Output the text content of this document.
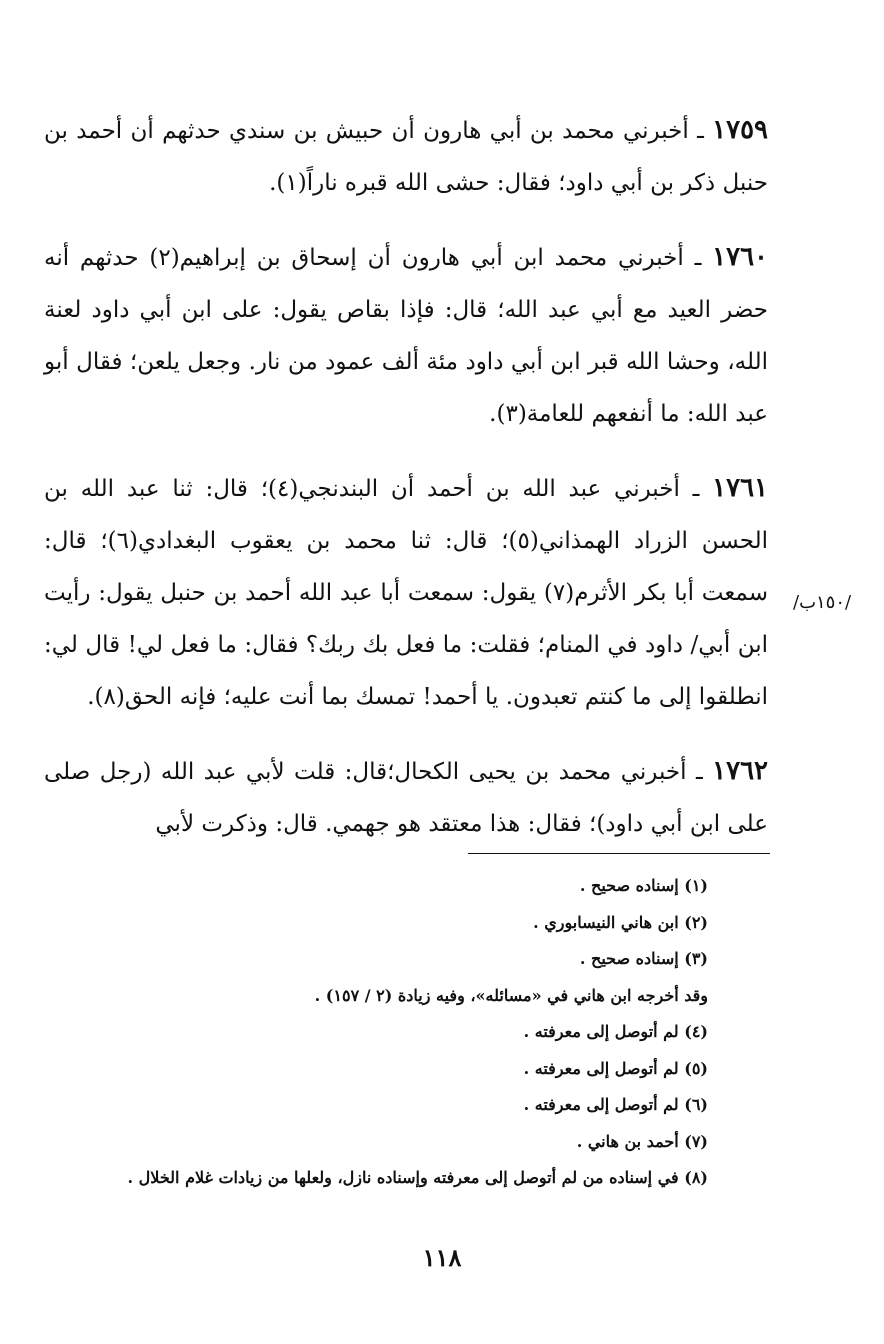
١٧٥٩ ـ أخبرني محمد بن أبي هارون أن حبيش بن سندي حدثهم أن أحمد بن حنبل ذكر بن أبي داود؛ فقال: حشى الله قبره ناراً(١).

١٧٦٠ ـ أخبرني محمد ابن أبي هارون أن إسحاق بن إبراهيم(٢) حدثهم أنه حضر العيد مع أبي عبد الله؛ قال: فإذا بقاص يقول: على ابن أبي داود لعنة الله، وحشا الله قبر ابن أبي داود مئة ألف عمود من نار. وجعل يلعن؛ فقال أبو عبد الله: ما أنفعهم للعامة(٣).

١٧٦١ ـ أخبرني عبد الله بن أحمد أن البندنجي(٤)؛ قال: ثنا عبد الله بن الحسن الزراد الهمذاني(٥)؛ قال: ثنا محمد بن يعقوب البغدادي(٦)؛ قال: سمعت أبا بكر الأثرم(٧) يقول: سمعت أبا عبد الله أحمد بن حنبل يقول: رأيت ابن أبي/ داود في المنام؛ فقلت: ما فعل بك ربك؟ فقال: ما فعل لي! قال لي: انطلقوا إلى ما كنتم تعبدون. يا أحمد! تمسك بما أنت عليه؛ فإنه الحق(٨).

١٧٦٢ ـ أخبرني محمد بن يحيى الكحال؛قال: قلت لأبي عبد الله (رجل صلى على ابن أبي داود)؛ فقال: هذا معتقد هو جهمي. قال: وذكرت لأبي

/١٥٠ب/
(١) إسناده صحيح .
(٢) ابن هاني النيسابوري .
(٣) إسناده صحيح .
وقد أخرجه ابن هاني في «مسائله»، وفيه زيادة (٢ / ١٥٧) .
(٤) لم أتوصل إلى معرفته .
(٥) لم أتوصل إلى معرفته .
(٦) لم أتوصل إلى معرفته .
(٧) أحمد بن هاني .
(٨) في إسناده من لم أتوصل إلى معرفته وإسناده نازل، ولعلها من زيادات غلام الخلال .
١١٨
